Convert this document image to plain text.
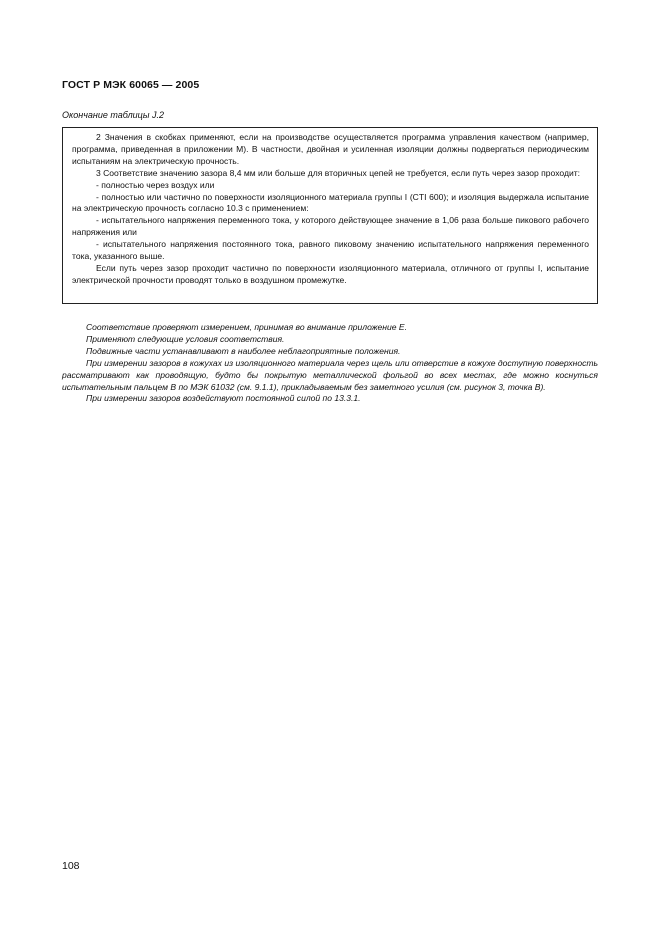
ГОСТ Р МЭК 60065 — 2005
Окончание таблицы J.2

2 Значения в скобках применяют, если на производстве осуществляется программа управления качеством (например, программа, приведенная в приложении М). В частности, двойная и усиленная изоляции должны подвергаться периодическим испытаниям на электрическую прочность.

3 Соответствие значению зазора 8,4 мм или больше для вторичных цепей не требуется, если путь через зазор проходит:

- полностью через воздух или

- полностью или частично по поверхности изоляционного материала группы I (CTI 600); и изоляция выдержала испытание на электрическую прочность согласно 10.3 с применением:

- испытательного напряжения переменного тока, у которого действующее значение в 1,06 раза больше пикового рабочего напряжения или

- испытательного напряжения постоянного тока, равного пиковому значению испытательного напряжения переменного тока, указанного выше.

Если путь через зазор проходит частично по поверхности изоляционного материала, отличного от группы I, испытание электрической прочности проводят только в воздушном промежутке.

Соответствие проверяют измерением, принимая во внимание приложение Е.

Применяют следующие условия соответствия.

Подвижные части устанавливают в наиболее неблагоприятные положения.

При измерении зазоров в кожухах из изоляционного материала через щель или отверстие в кожухе доступную поверхность рассматривают как проводящую, будто бы покрытую металлической фольгой во всех местах, где можно коснуться испытательным пальцем В по МЭК 61032 (см. 9.1.1), прикладываемым без заметного усилия (см. рисунок 3, точка В).

При измерении зазоров воздействуют постоянной силой по 13.3.1.

108
